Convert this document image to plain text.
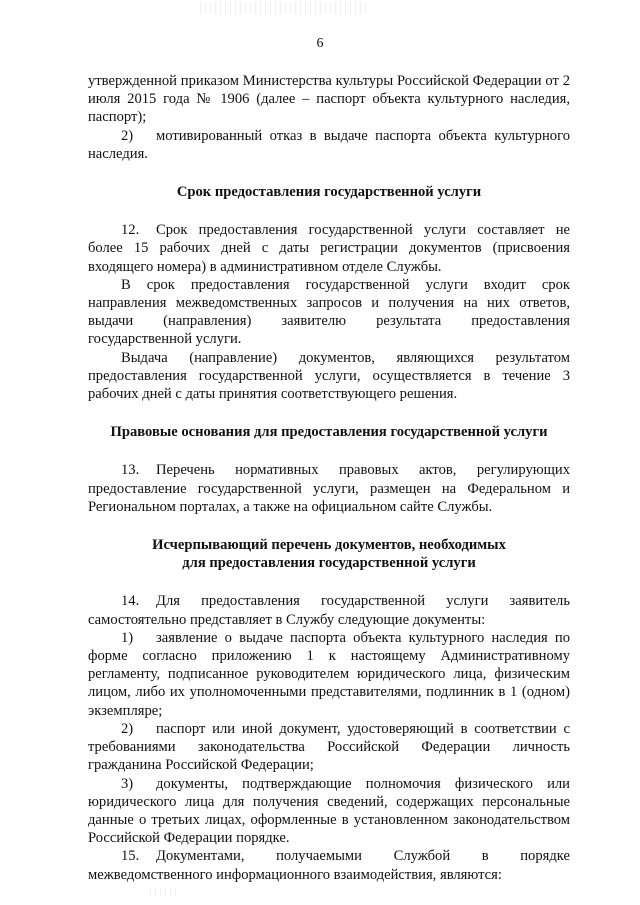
6

утвержденной приказом Министерства культуры Российской Федерации от 2 июля 2015 года № 1906 (далее – паспорт объекта культурного наследия, паспорт);

2) мотивированный отказ в выдаче паспорта объекта культурного наследия.

Срок предоставления государственной услуги

12. Срок предоставления государственной услуги составляет не более 15 рабочих дней с даты регистрации документов (присвоения входящего номера) в административном отделе Службы.

В срок предоставления государственной услуги входит срок направления межведомственных запросов и получения на них ответов, выдачи (направления) заявителю результата предоставления государственной услуги.

Выдача (направление) документов, являющихся результатом предоставления государственной услуги, осуществляется в течение 3 рабочих дней с даты принятия соответствующего решения.

Правовые основания для предоставления государственной услуги

13. Перечень нормативных правовых актов, регулирующих предоставление государственной услуги, размещен на Федеральном и Региональном порталах, а также на официальном сайте Службы.

Исчерпывающий перечень документов, необходимых
для предоставления государственной услуги

14. Для предоставления государственной услуги заявитель самостоятельно представляет в Службу следующие документы:

1) заявление о выдаче паспорта объекта культурного наследия по форме согласно приложению 1 к настоящему Административному регламенту, подписанное руководителем юридического лица, физическим лицом, либо их уполномоченными представителями, подлинник в 1 (одном) экземпляре;

2) паспорт или иной документ, удостоверяющий в соответствии с требованиями законодательства Российской Федерации личность гражданина Российской Федерации;

3) документы, подтверждающие полномочия физического или юридического лица для получения сведений, содержащих персональные данные о третьих лицах, оформленные в установленном законодательством Российской Федерации порядке.

15. Документами, получаемыми Службой в порядке межведомственного информационного взаимодействия, являются:
